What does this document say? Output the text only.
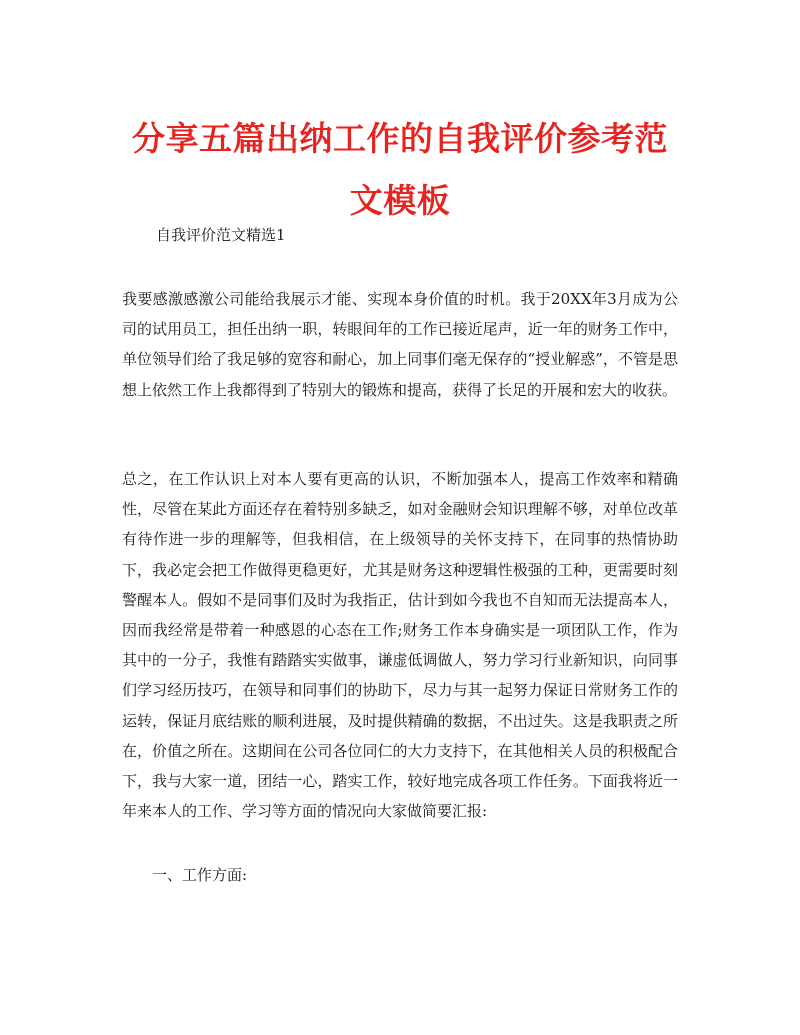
分享五篇出纳工作的自我评价参考范文模板

自我评价范文精选1

我要感激感激公司能给我展示才能、实现本身价值的时机。我于20XX年3月成为公司的试用员工，担任出纳一职，转眼间年的工作已接近尾声，近一年的财务工作中，单位领导们给了我足够的宽容和耐心，加上同事们毫无保存的“授业解惑”，不管是思想上依然工作上我都得到了特别大的锻炼和提高，获得了长足的开展和宏大的收获。

总之，在工作认识上对本人要有更高的认识，不断加强本人，提高工作效率和精确性，尽管在某此方面还存在着特别多缺乏，如对金融财会知识理解不够，对单位改革有待作进一步的理解等，但我相信，在上级领导的关怀支持下，在同事的热情协助下，我必定会把工作做得更稳更好，尤其是财务这种逻辑性极强的工种，更需要时刻警醒本人。假如不是同事们及时为我指正，估计到如今我也不自知而无法提高本人，因而我经常是带着一种感恩的心态在工作;财务工作本身确实是一项团队工作，作为其中的一分子，我惟有踏踏实实做事，谦虚低调做人，努力学习行业新知识，向同事们学习经历技巧，在领导和同事们的协助下，尽力与其一起努力保证日常财务工作的运转，保证月底结账的顺利进展，及时提供精确的数据，不出过失。这是我职责之所在，价值之所在。这期间在公司各位同仁的大力支持下，在其他相关人员的积极配合下，我与大家一道，团结一心，踏实工作，较好地完成各项工作任务。下面我将近一年来本人的工作、学习等方面的情况向大家做简要汇报:

一、工作方面:
